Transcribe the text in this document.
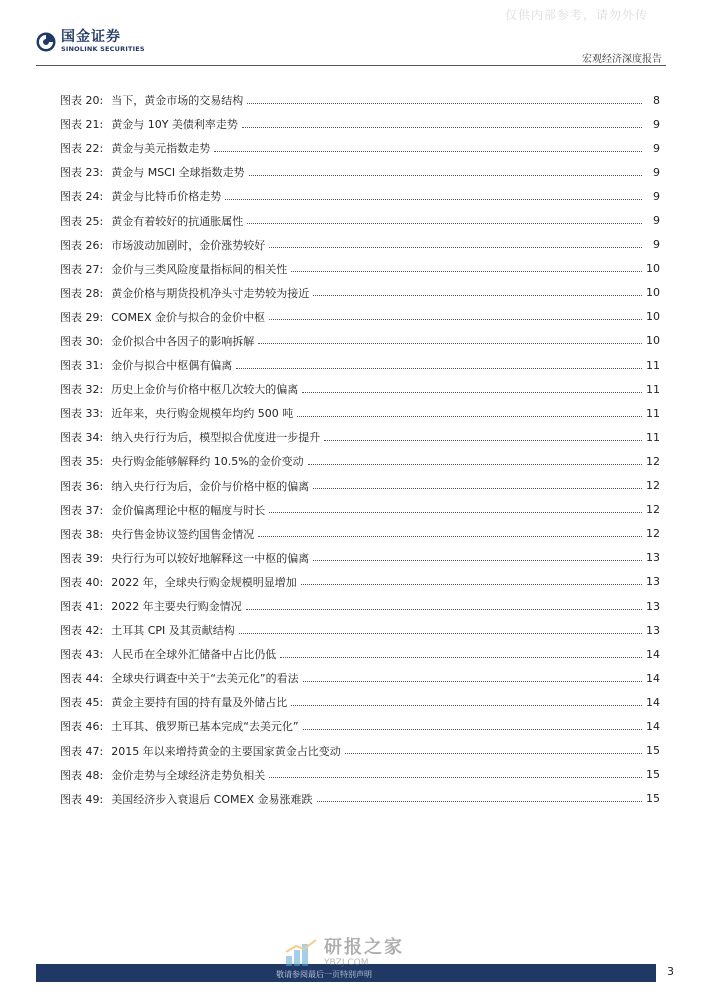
国金证券
SINOLINK SECURITIES
仅供内部参考，请勿外传
宏观经济深度报告
图表 20: 当下，黄金市场的交易结构	8
图表 21: 黄金与 10Y 美债利率走势	9
图表 22: 黄金与美元指数走势	9
图表 23: 黄金与 MSCI 全球指数走势	9
图表 24: 黄金与比特币价格走势	9
图表 25: 黄金有着较好的抗通胀属性	9
图表 26: 市场波动加剧时，金价涨势较好	9
图表 27: 金价与三类风险度量指标间的相关性	10
图表 28: 黄金价格与期货投机净头寸走势较为接近	10
图表 29: COMEX 金价与拟合的金价中枢	10
图表 30: 金价拟合中各因子的影响拆解	10
图表 31: 金价与拟合中枢偶有偏离	11
图表 32: 历史上金价与价格中枢几次较大的偏离	11
图表 33: 近年来，央行购金规模年均约 500 吨	11
图表 34: 纳入央行行为后，模型拟合优度进一步提升	11
图表 35: 央行购金能够解释约 10.5%的金价变动	12
图表 36: 纳入央行行为后，金价与价格中枢的偏离	12
图表 37: 金价偏离理论中枢的幅度与时长	12
图表 38: 央行售金协议签约国售金情况	12
图表 39: 央行行为可以较好地解释这一中枢的偏离	13
图表 40: 2022 年，全球央行购金规模明显增加	13
图表 41: 2022 年主要央行购金情况	13
图表 42: 土耳其 CPI 及其贡献结构	13
图表 43: 人民币在全球外汇储备中占比仍低	14
图表 44: 全球央行调查中关于“去美元化”的看法	14
图表 45: 黄金主要持有国的持有量及外储占比	14
图表 46: 土耳其、俄罗斯已基本完成“去美元化”	14
图表 47: 2015 年以来增持黄金的主要国家黄金占比变动	15
图表 48: 金价走势与全球经济走势负相关	15
图表 49: 美国经济步入衰退后 COMEX 金易涨难跌	15
敬请参阅最后一页特别声明	3
研报之家
YBZJ.COM
